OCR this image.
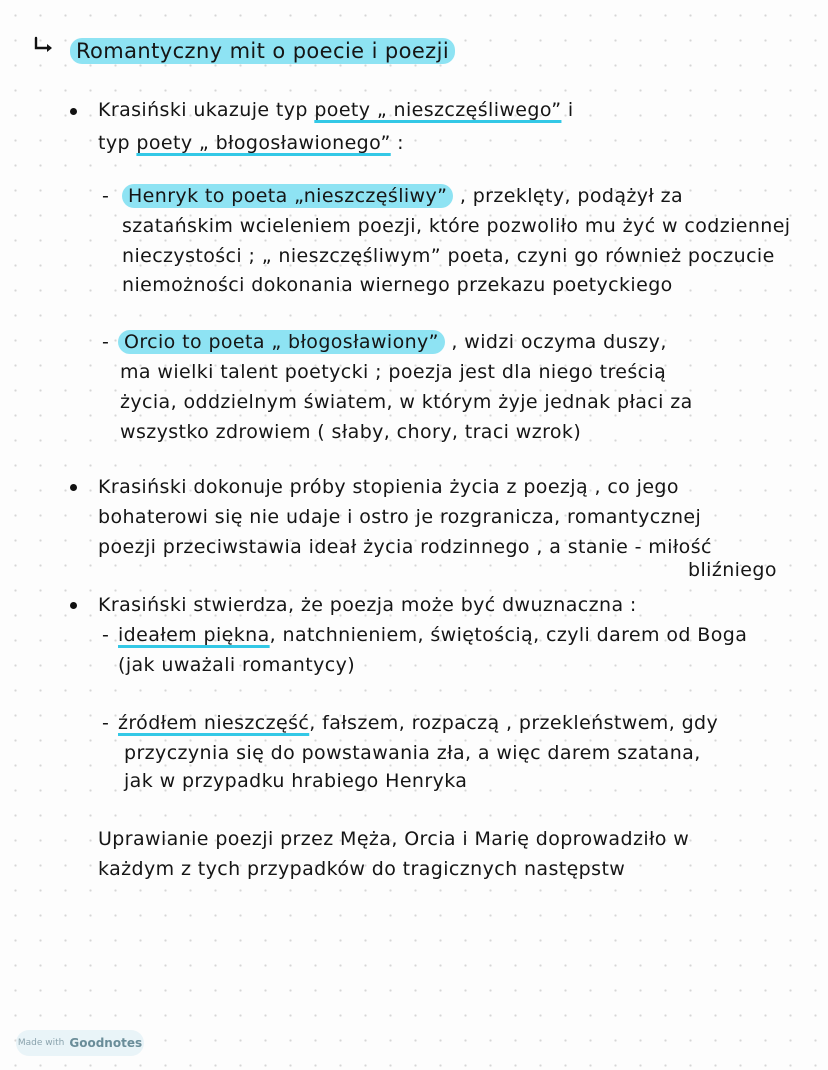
Romantyczny mit o poecie i poezji
Krasiński ukazuje typ poety „ nieszczęśliwego” i
typ poety „ błogosławionego” :
-	Henryk to poeta „nieszczęśliwy” , przeklęty, podążył za
szatańskim wcieleniem poezji, które pozwoliło mu żyć w codziennej
nieczystości ; „ nieszczęśliwym” poeta, czyni go również poczucie
niemożności dokonania wiernego przekazu poetyckiego
- Orcio to poeta „ błogosławiony” , widzi oczyma duszy,
ma wielki talent poetycki ; poezja jest dla niego treścią
życia, oddzielnym światem, w którym żyje jednak płaci za
wszystko zdrowiem ( słaby, chory, traci wzrok)
Krasiński dokonuje próby stopienia życia z poezją , co jego
bohaterowi się nie udaje i ostro je rozgranicza, romantycznej
poezji przeciwstawia ideał życia rodzinnego , a stanie - miłość
bliźniego
Krasiński stwierdza, że poezja może być dwuznaczna :
- ideałem piękna, natchnieniem, świętością, czyli darem od Boga
(jak uważali romantycy)
- źródłem nieszczęść, fałszem, rozpaczą , przekleństwem, gdy
przyczynia się do powstawania zła, a więc darem szatana,
jak w przypadku hrabiego Henryka
Uprawianie poezji przez Męża, Orcia i Marię doprowadziło w
każdym z tych przypadków do tragicznych następstw
Made with Goodnotes
